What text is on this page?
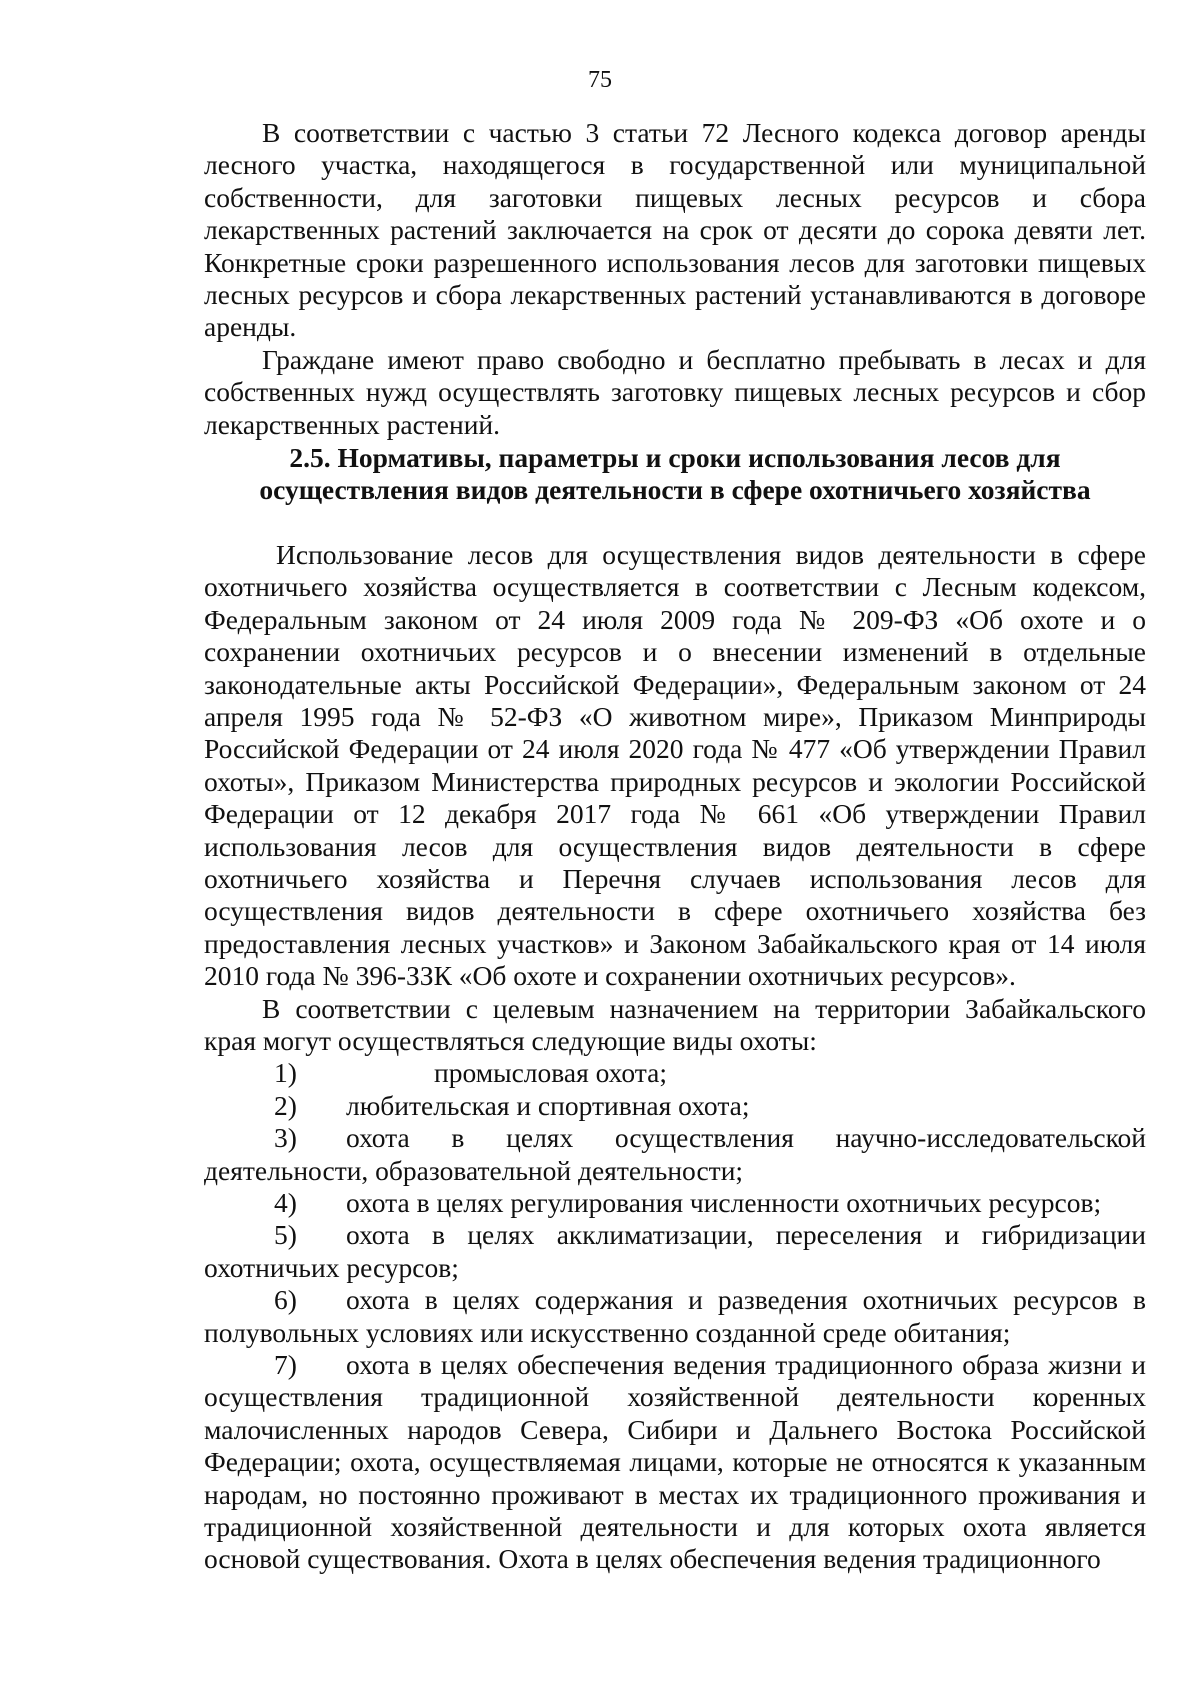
75

В соответствии с частью 3 статьи 72 Лесного кодекса договор аренды лесного участка, находящегося в государственной или муниципальной собственности, для заготовки пищевых лесных ресурсов и сбора лекарственных растений заключается на срок от десяти до сорока девяти лет. Конкретные сроки разрешенного использования лесов для заготовки пищевых лесных ресурсов и сбора лекарственных растений устанавливаются в договоре аренды.

Граждане имеют право свободно и бесплатно пребывать в лесах и для собственных нужд осуществлять заготовку пищевых лесных ресурсов и сбор лекарственных растений.

2.5. Нормативы, параметры и сроки использования лесов для осуществления видов деятельности в сфере охотничьего хозяйства

Использование лесов для осуществления видов деятельности в сфере охотничьего хозяйства осуществляется в соответствии с Лесным кодексом, Федеральным законом от 24 июля 2009 года № 209-ФЗ «Об охоте и о сохранении охотничьих ресурсов и о внесении изменений в отдельные законодательные акты Российской Федерации», Федеральным законом от 24 апреля 1995 года № 52-ФЗ «О животном мире», Приказом Минприроды Российской Федерации от 24 июля 2020 года № 477 «Об утверждении Правил охоты», Приказом Министерства природных ресурсов и экологии Российской Федерации от 12 декабря 2017 года № 661 «Об утверждении Правил использования лесов для осуществления видов деятельности в сфере охотничьего хозяйства и Перечня случаев использования лесов для осуществления видов деятельности в сфере охотничьего хозяйства без предоставления лесных участков» и Законом Забайкальского края от 14 июля 2010 года № 396-ЗЗК «Об охоте и сохранении охотничьих ресурсов».

В соответствии с целевым назначением на территории Забайкальского края могут осуществляться следующие виды охоты:

1)	промысловая охота;

2) любительская и спортивная охота;

3) охота в целях осуществления научно-исследовательской деятельности, образовательной деятельности;

4) охота в целях регулирования численности охотничьих ресурсов;

5) охота в целях акклиматизации, переселения и гибридизации охотничьих ресурсов;

6) охота в целях содержания и разведения охотничьих ресурсов в полувольных условиях или искусственно созданной среде обитания;

7) охота в целях обеспечения ведения традиционного образа жизни и осуществления традиционной хозяйственной деятельности коренных малочисленных народов Севера, Сибири и Дальнего Востока Российской Федерации; охота, осуществляемая лицами, которые не относятся к указанным народам, но постоянно проживают в местах их традиционного проживания и традиционной хозяйственной деятельности и для которых охота является основой существования. Охота в целях обеспечения ведения традиционного
